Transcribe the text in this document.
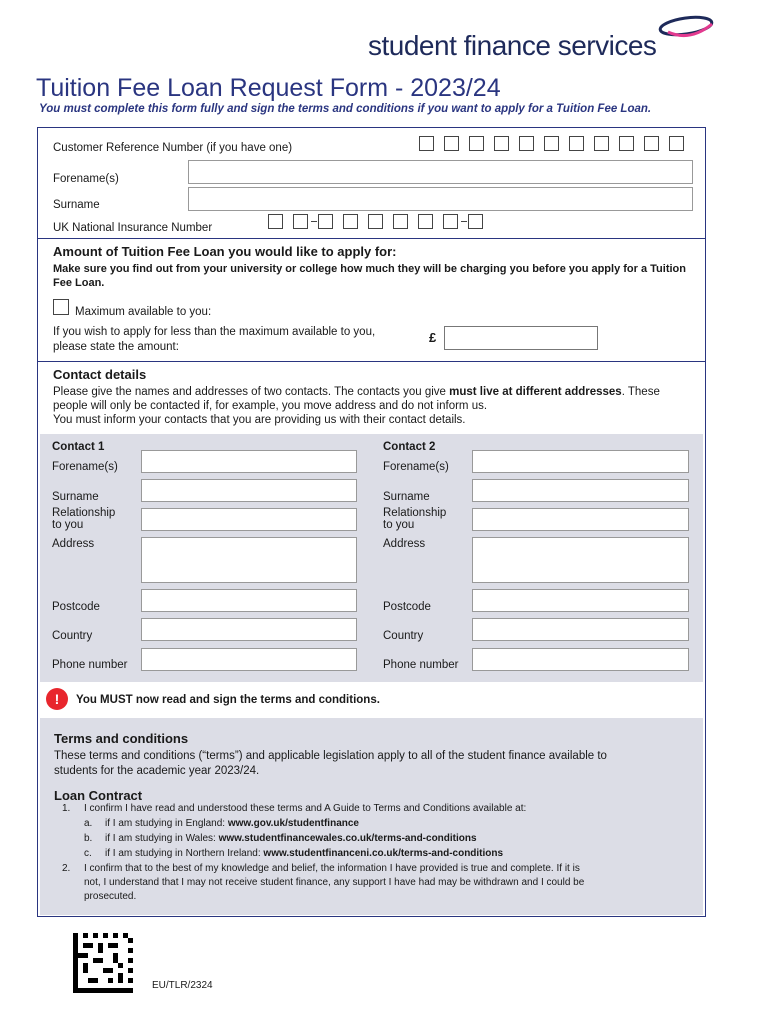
student finance services
Tuition Fee Loan Request Form - 2023/24
You must complete this form fully and sign the terms and conditions if you want to apply for a Tuition Fee Loan.
Customer Reference Number (if you have one)
Forename(s)
Surname
UK National Insurance Number
Amount of Tuition Fee Loan you would like to apply for:
Make sure you find out from your university or college how much they will be charging you before you apply for a Tuition Fee Loan.
Maximum available to you:
If you wish to apply for less than the maximum available to you,
please state the amount:
£
Contact details
Please give the names and addresses of two contacts. The contacts you give must live at different addresses. These people will only be contacted if, for example, you move address and do not inform us.
You must inform your contacts that you are providing us with their contact details.
Contact 1
Forename(s)
Surname
Relationship
to you
Address
Postcode
Country
Phone number
Contact 2
Forename(s)
Surname
Relationship
to you
Address
Postcode
Country
Phone number
!	You MUST now read and sign the terms and conditions.
Terms and conditions
These terms and conditions (“terms”) and applicable legislation apply to all of the student finance available to
students for the academic year 2023/24.
Loan Contract
1. I confirm I have read and understood these terms and A Guide to Terms and Conditions available at:
a. if I am studying in England: www.gov.uk/studentfinance
b. if I am studying in Wales: www.studentfinancewales.co.uk/terms-and-conditions
c. if I am studying in Northern Ireland: www.studentfinanceni.co.uk/terms-and-conditions
2. I confirm that to the best of my knowledge and belief, the information I have provided is true and complete. If it is
not, I understand that I may not receive student finance, any support I have had may be withdrawn and I could be
prosecuted.
EU/TLR/2324
